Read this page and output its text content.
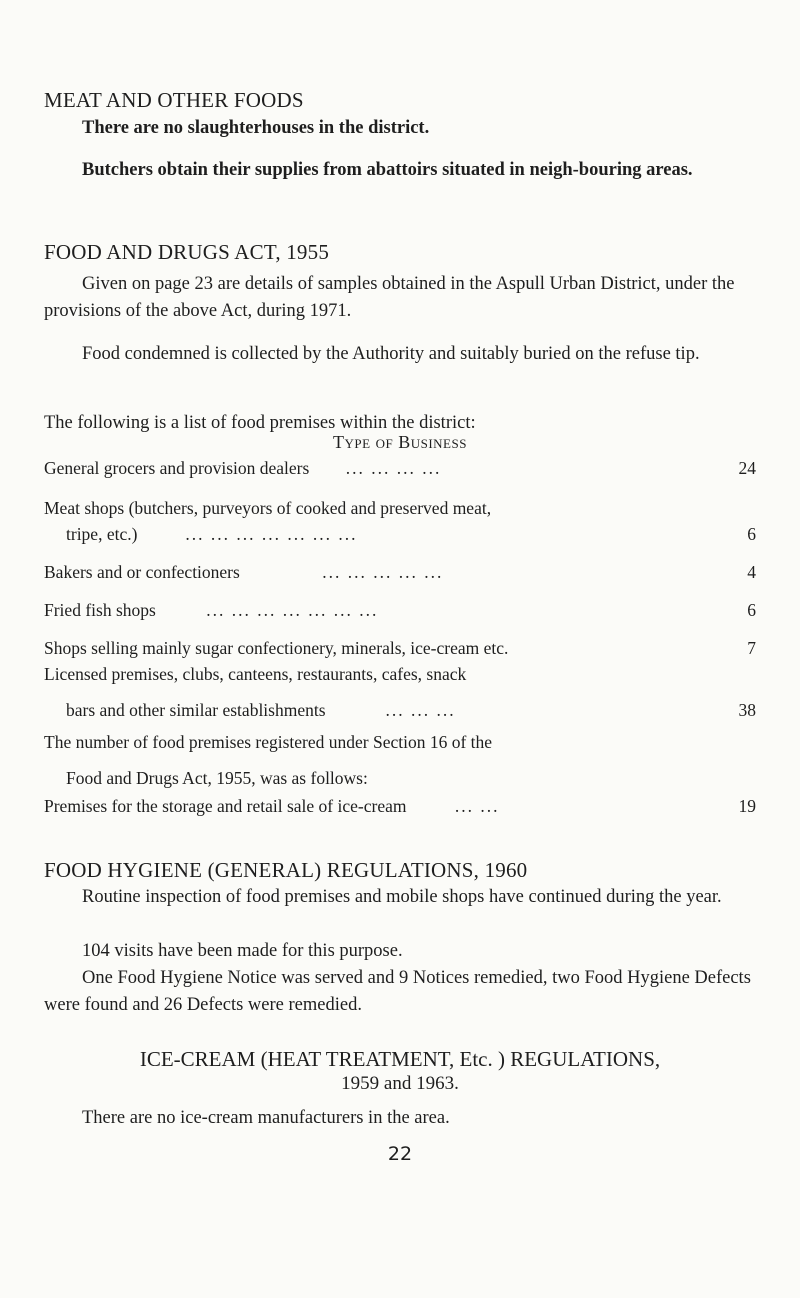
MEAT AND OTHER FOODS

There are no slaughterhouses in the district.

Butchers obtain their supplies from abattoirs situated in neigh-bouring areas.

FOOD AND DRUGS ACT, 1955

Given on page 23 are details of samples obtained in the Aspull Urban District, under the provisions of the above Act, during 1971.

Food condemned is collected by the Authority and suitably buried on the refuse tip.

The following is a list of food premises within the district:

Type of Business
General grocers and provision dealers ... ... ... ...	24
Meat shops (butchers, purveyors of cooked and preserved meat,
tripe, etc.)	... ... ... ... ... ... ...	6
Bakers and or confectioners	... ... ... ... ...	4
Fried fish shops	... ... ... ... ... ... ...	6
Shops selling mainly sugar confectionery, minerals, ice-cream etc.	7
Licensed premises, clubs, canteens, restaurants, cafes, snack
bars and other similar establishments	... ... ...	38
The number of food premises registered under Section 16 of the
Food and Drugs Act, 1955, was as follows:
Premises for the storage and retail sale of ice-cream	... ...	19
FOOD HYGIENE (GENERAL) REGULATIONS, 1960

Routine inspection of food premises and mobile shops have continued during the year.

104 visits have been made for this purpose.

One Food Hygiene Notice was served and 9 Notices remedied, two Food Hygiene Defects were found and 26 Defects were remedied.

ICE-CREAM (HEAT TREATMENT, Etc. ) REGULATIONS,
1959 and 1963.

There are no ice-cream manufacturers in the area.

22
